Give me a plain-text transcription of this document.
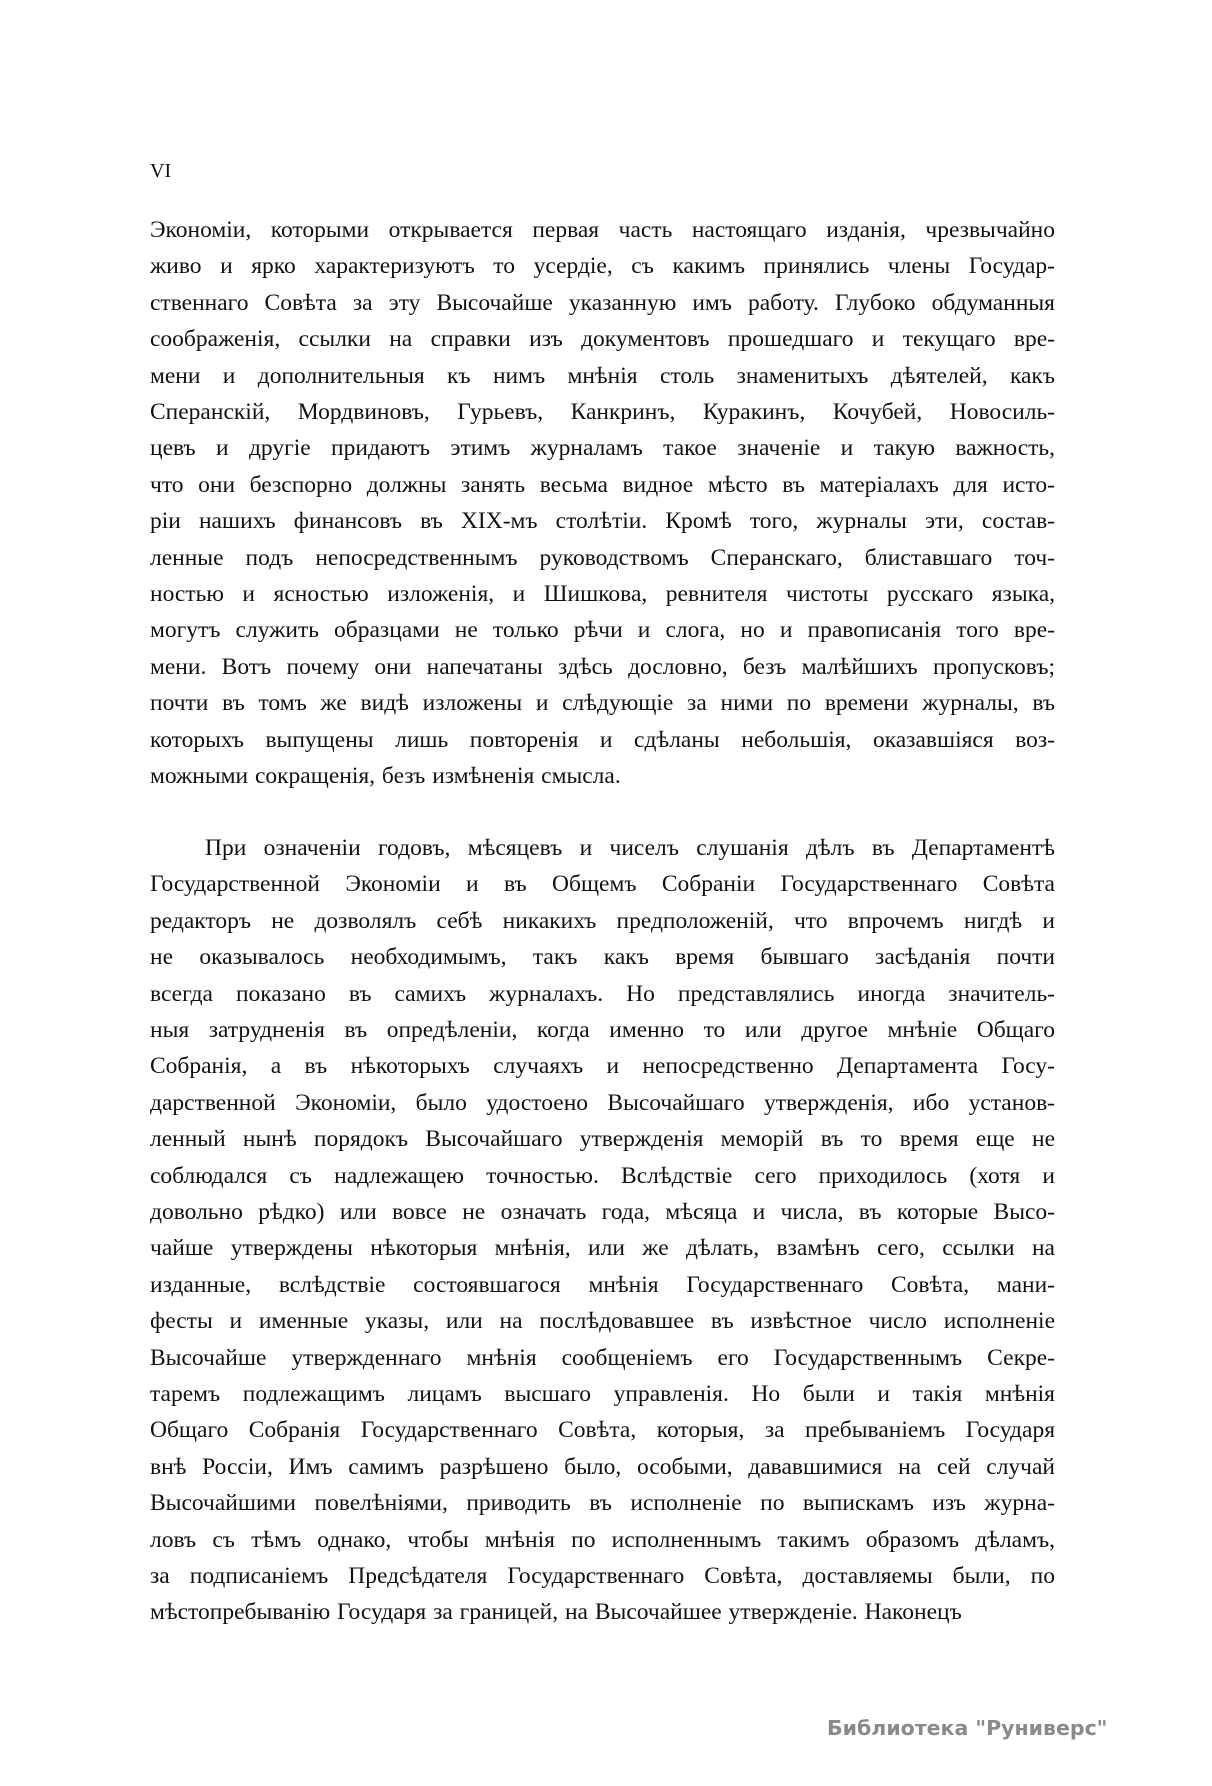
VI
Экономіи, которыми открывается первая часть настоящаго изданія, чрезвычайно
живо и ярко характеризуютъ то усердіе, съ какимъ принялись члены Государ-
ственнаго Совѣта за эту Высочайше указанную имъ работу. Глубоко обдуманныя
соображенія, ссылки на справки изъ документовъ прошедшаго и текущаго вре-
мени и дополнительныя къ нимъ мнѣнія столь знаменитыхъ дѣятелей, какъ
Сперанскій, Мордвиновъ, Гурьевъ, Канкринъ, Куракинъ, Кочубей, Новосиль-
цевъ и другіе придаютъ этимъ журналамъ такое значеніе и такую важность,
что они безспорно должны занять весьма видное мѣсто въ матеріалахъ для исто-
ріи нашихъ финансовъ въ XIX-мъ столѣтіи. Кромѣ того, журналы эти, состав-
ленные подъ непосредственнымъ руководствомъ Сперанскаго, блиставшаго точ-
ностью и ясностью изложенія, и Шишкова, ревнителя чистоты русскаго языка,
могутъ служить образцами не только рѣчи и слога, но и правописанія того вре-
мени. Вотъ почему они напечатаны здѣсь дословно, безъ малѣйшихъ пропусковъ;
почти въ томъ же видѣ изложены и слѣдующіе за ними по времени журналы, въ
которыхъ выпущены лишь повторенія и сдѣланы небольшія, оказавшіяся воз-
можными сокращенія, безъ измѣненія смысла.
При означеніи годовъ, мѣсяцевъ и чиселъ слушанія дѣлъ въ Департаментѣ
Государственной Экономіи и въ Общемъ Собраніи Государственнаго Совѣта
редакторъ не дозволялъ себѣ никакихъ предположеній, что впрочемъ нигдѣ и
не оказывалось необходимымъ, такъ какъ время бывшаго засѣданія почти
всегда показано въ самихъ журналахъ. Но представлялись иногда значитель-
ныя затрудненія въ опредѣленіи, когда именно то или другое мнѣніе Общаго
Собранія, а въ нѣкоторыхъ случаяхъ и непосредственно Департамента Госу-
дарственной Экономіи, было удостоено Высочайшаго утвержденія, ибо установ-
ленный нынѣ порядокъ Высочайшаго утвержденія меморій въ то время еще не
соблюдался съ надлежащею точностью. Вслѣдствіе сего приходилось (хотя и
довольно рѣдко) или вовсе не означать года, мѣсяца и числа, въ которые Высо-
чайше утверждены нѣкоторыя мнѣнія, или же дѣлать, взамѣнъ сего, ссылки на
изданные, вслѣдствіе состоявшагося мнѣнія Государственнаго Совѣта, мани-
фесты и именные указы, или на послѣдовавшее въ извѣстное число исполненіе
Высочайше утвержденнаго мнѣнія сообщеніемъ его Государственнымъ Секре-
таремъ подлежащимъ лицамъ высшаго управленія. Но были и такія мнѣнія
Общаго Собранія Государственнаго Совѣта, которыя, за пребываніемъ Государя
внѣ Россіи, Имъ самимъ разрѣшено было, особыми, дававшимися на сей случай
Высочайшими повелѣніями, приводить въ исполненіе по выпискамъ изъ журна-
ловъ съ тѣмъ однако, чтобы мнѣнія по исполненнымъ такимъ образомъ дѣламъ,
за подписаніемъ Предсѣдателя Государственнаго Совѣта, доставляемы были, по
мѣстопребыванію Государя за границей, на Высочайшее утвержденіе. Наконецъ
Библиотека "Руниверс"
